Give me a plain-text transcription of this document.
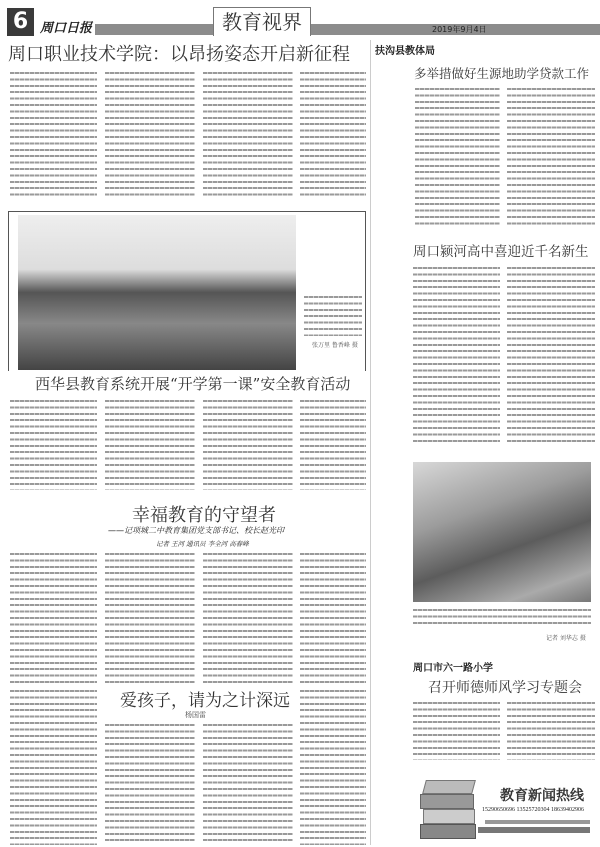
6 周口日报	教育视界	2019年9月4日
周口职业技术学院：以昂扬姿态开启新征程
张万里 鲁香峰 摄
扶沟县教体局
多举措做好生源地助学贷款工作
周口颍河高中喜迎近千名新生
记者 刘华志 摄
西华县教育系统开展“开学第一课”安全教育活动
幸福教育的守望者
——记项城二中教育集团党支部书记、校长赵光印
记者 王河 通讯员 李全河 高春峰
爱孩子，请为之计深远
杨国雷
周口市六一路小学
召开师德师风学习专题会
教育新闻热线
15290650696 13525720304 18639402906
